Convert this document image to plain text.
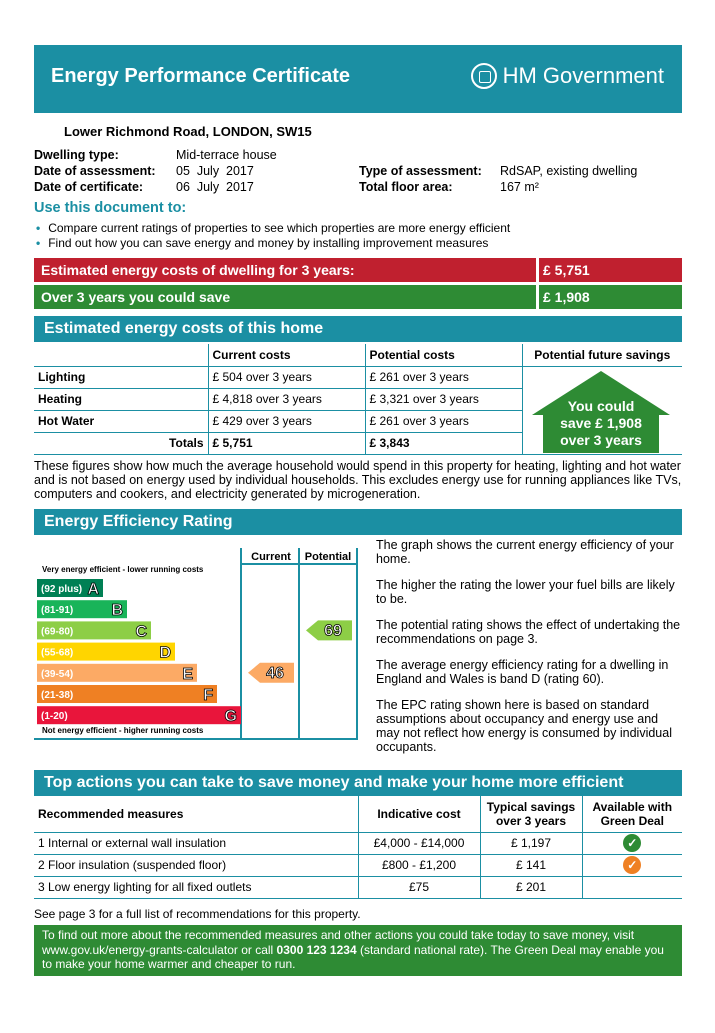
Energy Performance Certificate	HM Government
Lower Richmond Road, LONDON, SW15
Dwelling type:	Mid-terrace house
Date of assessment: 05  July  2017
Date of certificate:	06  July  2017
Type of assessment: RdSAP, existing dwelling
Total floor area:	167 m²
Use this document to:
• Compare current ratings of properties to see which properties are more energy efficient
• Find out how you can save energy and money by installing improvement measures
Estimated energy costs of dwelling for 3 years:	£ 5,751
Over 3 years you could save	£ 1,908
Estimated energy costs of this home
	Current costs	Potential costs	Potential future savings
Lighting	£ 504 over 3 years	£ 261 over 3 years	
Heating	£ 4,818 over 3 years	£ 3,321 over 3 years	
Hot Water	£ 429 over 3 years	£ 261 over 3 years	
Totals	£ 5,751	£ 3,843	
You could
save £ 1,908
over 3 years
These figures show how much the average household would spend in this property for heating, lighting and hot water and is not based on energy used by individual households. This excludes energy use for running appliances like TVs, computers and cookers, and electricity generated by microgeneration.
Energy Efficiency Rating
Current Potential
Very energy efficient - lower running costs
Not energy efficient - higher running costs
(92 plus) A
(81-91) B
(69-80)	C
(55-68)	D
(39-54)	E
(21-38)	F
(1-20)	G
46
69

The graph shows the current energy efficiency of your home.

The higher the rating the lower your fuel bills are likely to be.

The potential rating shows the effect of undertaking the recommendations on page 3.

The average energy efficiency rating for a dwelling in England and Wales is band D (rating 60).

The EPC rating shown here is based on standard assumptions about occupancy and energy use and may not reflect how energy is consumed by individual occupants.

Top actions you can take to save money and make your home more efficient
Recommended measures	Indicative cost	Typical savings over 3 years	Available with Green Deal
1 Internal or external wall insulation	£4,000 - £14,000	£ 1,197	✓
2 Floor insulation (suspended floor)	£800 - £1,200	£ 141	✓
3 Low energy lighting for all fixed outlets	£75	£ 201	
See page 3 for a full list of recommendations for this property.
To find out more about the recommended measures and other actions you could take today to save money, visit www.gov.uk/energy-grants-calculator or call 0300 123 1234 (standard national rate). The Green Deal may enable you to make your home warmer and cheaper to run.
